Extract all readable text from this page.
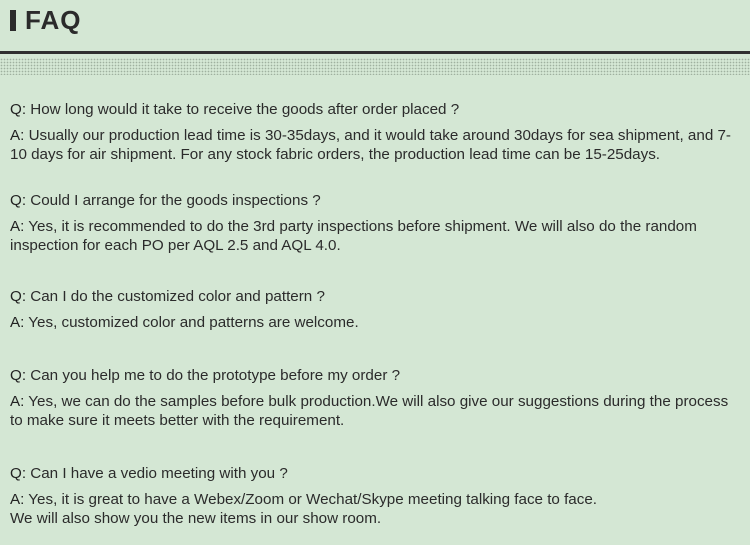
FAQ

Q: How long would it take to receive the goods after order placed ?

A: Usually our production lead time is 30-35days, and it would take around 30days for sea shipment, and 7-10 days for air shipment. For any stock fabric orders, the production lead time can be 15-25days.

Q: Could I arrange for the goods inspections ?

A: Yes, it is recommended to do the 3rd party inspections before shipment. We will also do the random inspection for each PO per AQL 2.5 and AQL 4.0.

Q: Can I do the customized color and pattern ?

A: Yes, customized color and patterns are welcome.

Q: Can you help me to do the prototype before my order ?

A: Yes, we can do the samples before bulk production.We will also give our suggestions during the process to make sure it meets better with the requirement.

Q: Can I have a vedio meeting with you ?

A: Yes, it is great to have a Webex/Zoom or Wechat/Skype meeting talking face to face.

We will also show you the new items in our show room.
